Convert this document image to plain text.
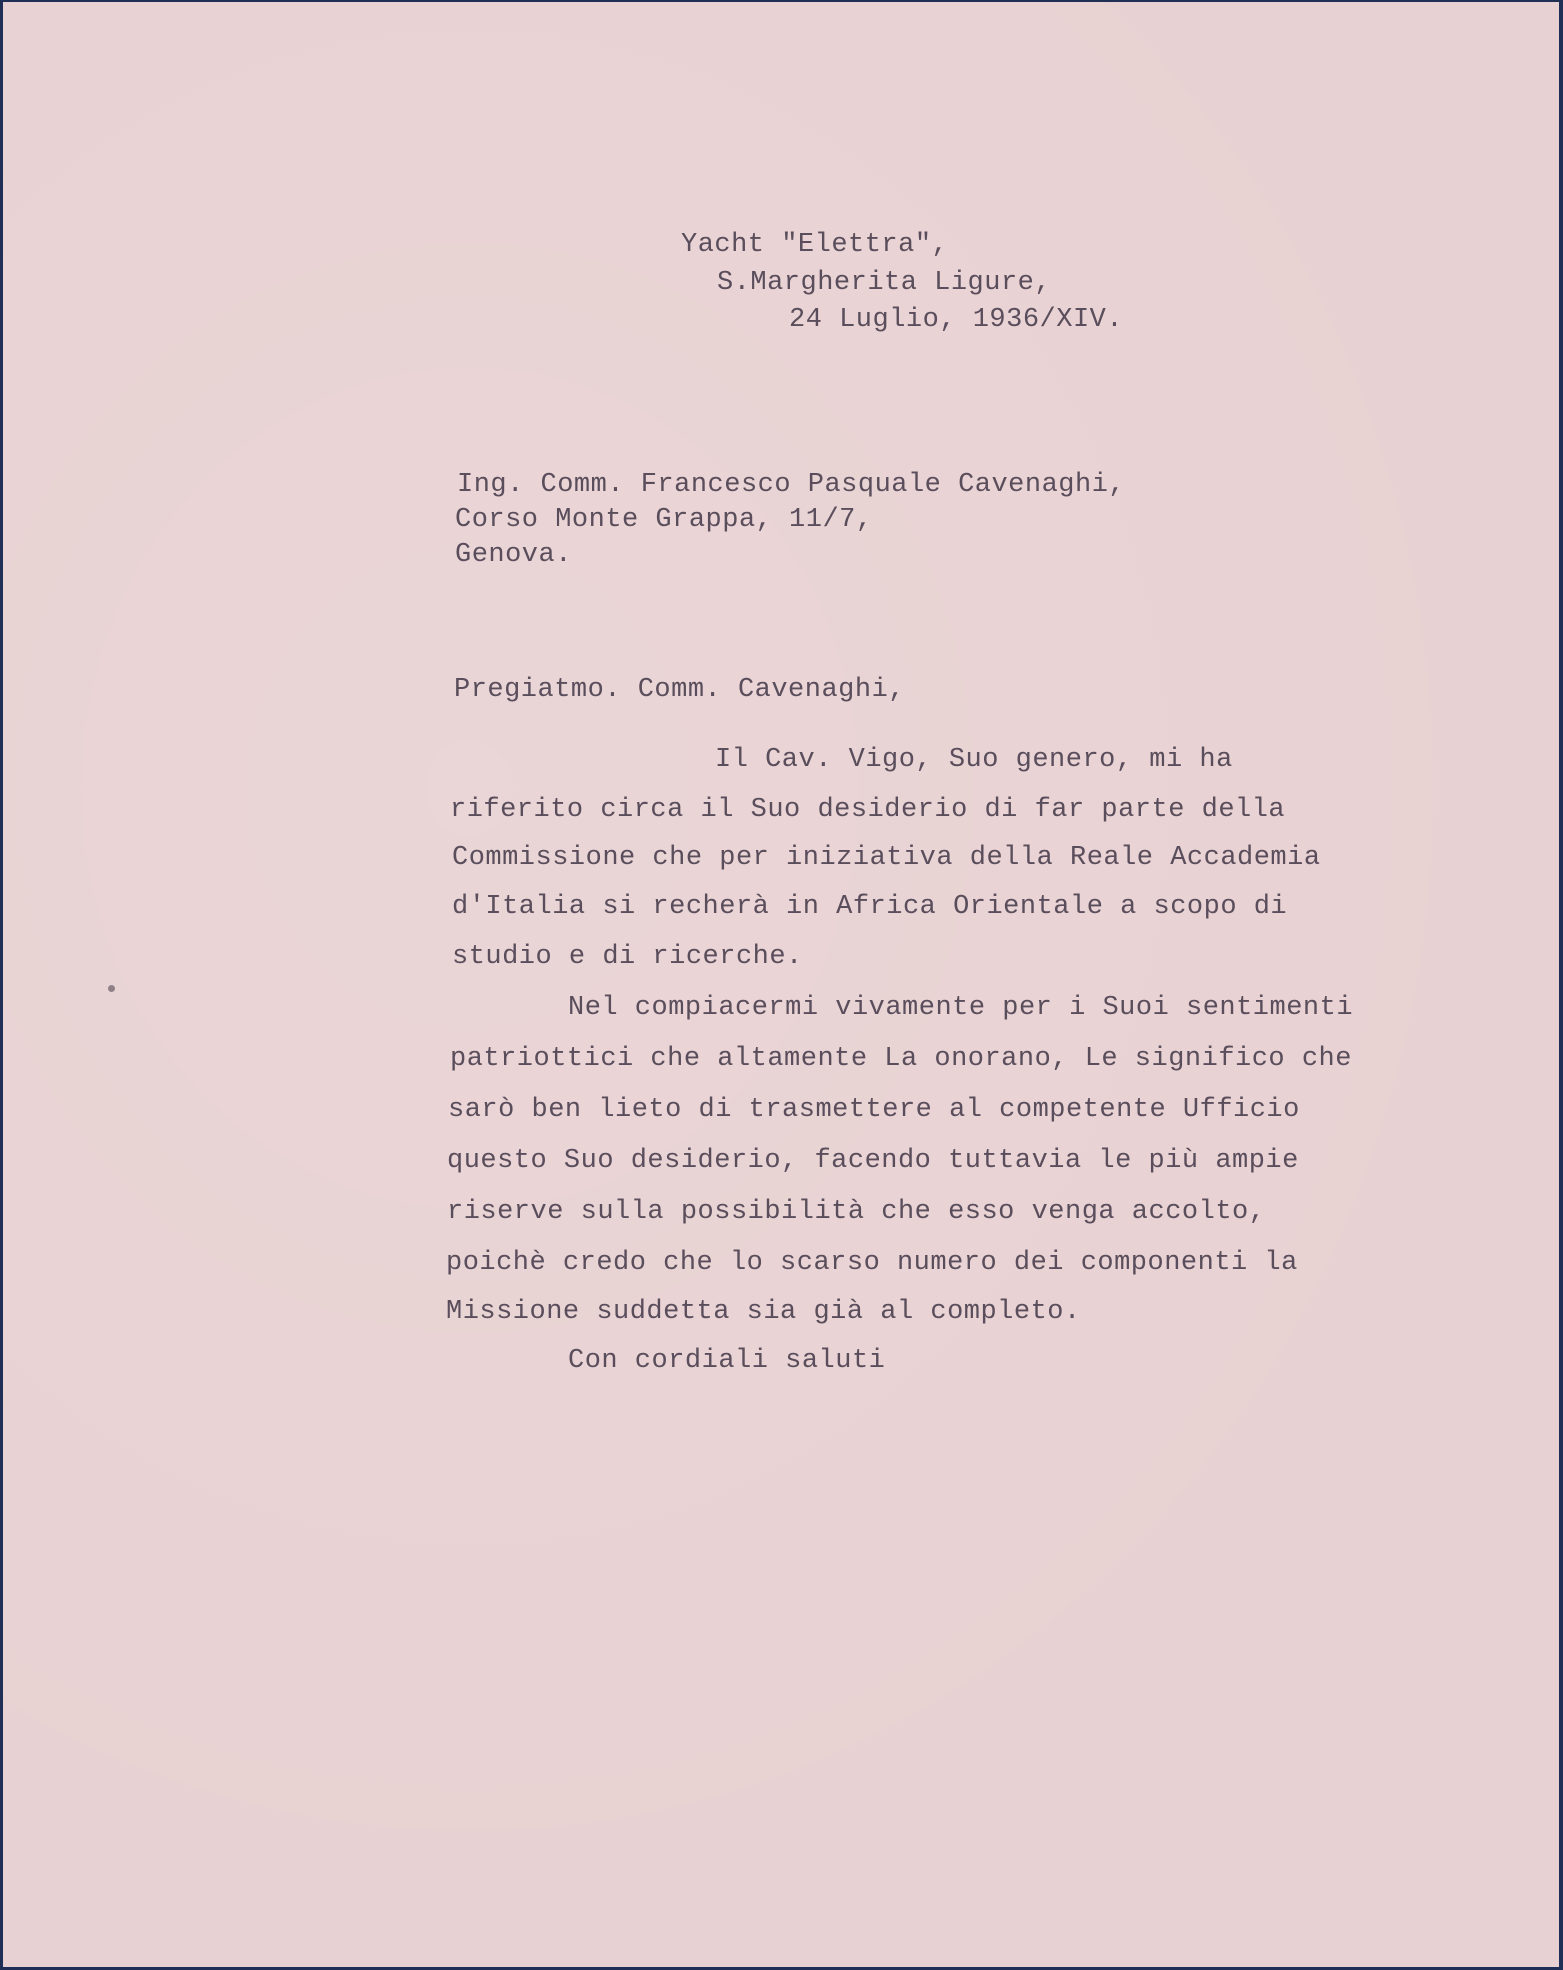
Yacht "Elettra",
S.Margherita Ligure,
24 Luglio, 1936/XIV.
Ing. Comm. Francesco Pasquale Cavenaghi,
Corso Monte Grappa, 11/7,
Genova.
Pregiatmo. Comm. Cavenaghi,
Il Cav. Vigo, Suo genero, mi ha
riferito circa il Suo desiderio di far parte della
Commissione che per iniziativa della Reale Accademia
d'Italia si recherà in Africa Orientale a scopo di
studio e di ricerche.
Nel compiacermi vivamente per i Suoi sentimenti
patriottici che altamente La onorano, Le significo che
sarò ben lieto di trasmettere al competente Ufficio
questo Suo desiderio, facendo tuttavia le più ampie
riserve sulla possibilità che esso venga accolto,
poichè credo che lo scarso numero dei componenti la
Missione suddetta sia già al completo.
Con cordiali saluti
